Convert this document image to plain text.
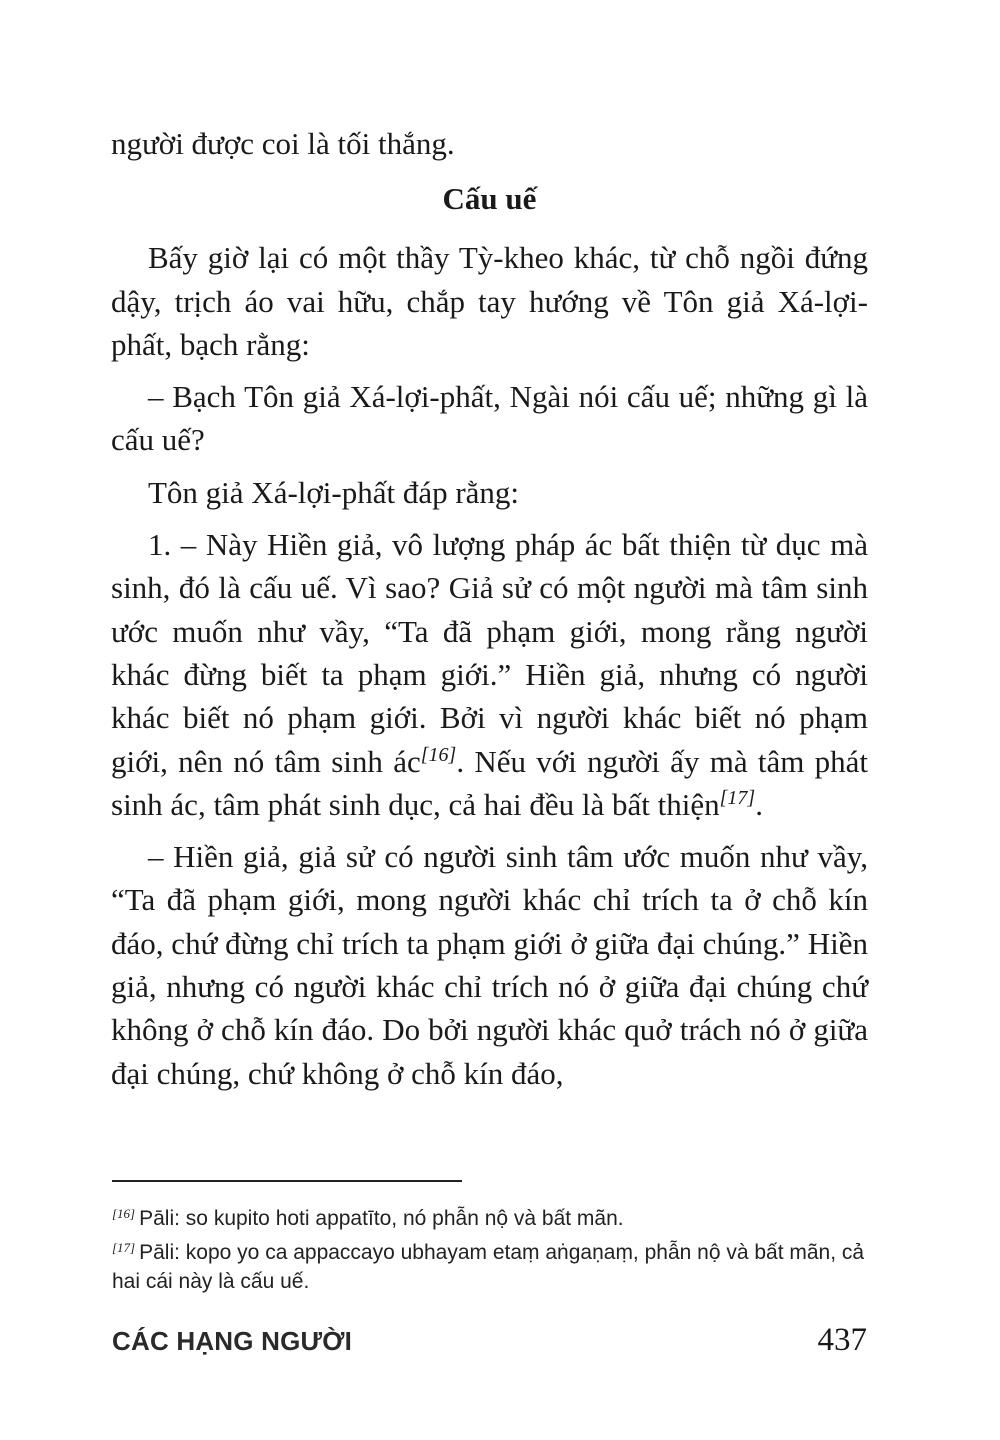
người được coi là tối thắng.

Cấu uế

Bấy giờ lại có một thầy Tỳ-kheo khác, từ chỗ ngồi đứng dậy, trịch áo vai hữu, chắp tay hướng về Tôn giả Xá-lợi-phất, bạch rằng:

– Bạch Tôn giả Xá-lợi-phất, Ngài nói cấu uế; những gì là cấu uế?

Tôn giả Xá-lợi-phất đáp rằng:

1. – Này Hiền giả, vô lượng pháp ác bất thiện từ dục mà sinh, đó là cấu uế. Vì sao? Giả sử có một người mà tâm sinh ước muốn như vầy, “Ta đã phạm giới, mong rằng người khác đừng biết ta phạm giới.” Hiền giả, nhưng có người khác biết nó phạm giới. Bởi vì người khác biết nó phạm giới, nên nó tâm sinh ác[16]. Nếu với người ấy mà tâm phát sinh ác, tâm phát sinh dục, cả hai đều là bất thiện[17].

– Hiền giả, giả sử có người sinh tâm ước muốn như vầy, “Ta đã phạm giới, mong người khác chỉ trích ta ở chỗ kín đáo, chứ đừng chỉ trích ta phạm giới ở giữa đại chúng.” Hiền giả, nhưng có người khác chỉ trích nó ở giữa đại chúng chứ không ở chỗ kín đáo. Do bởi người khác quở trách nó ở giữa đại chúng, chứ không ở chỗ kín đáo,

[16] Pāli: so kupito hoti appatīto, nó phẫn nộ và bất mãn.

[17] Pāli: kopo yo ca appaccayo ubhayam etaṃ aṅgaṇaṃ, phẫn nộ và bất mãn, cả hai cái này là cấu uế.

CÁC HẠNG NGƯỜI	437
